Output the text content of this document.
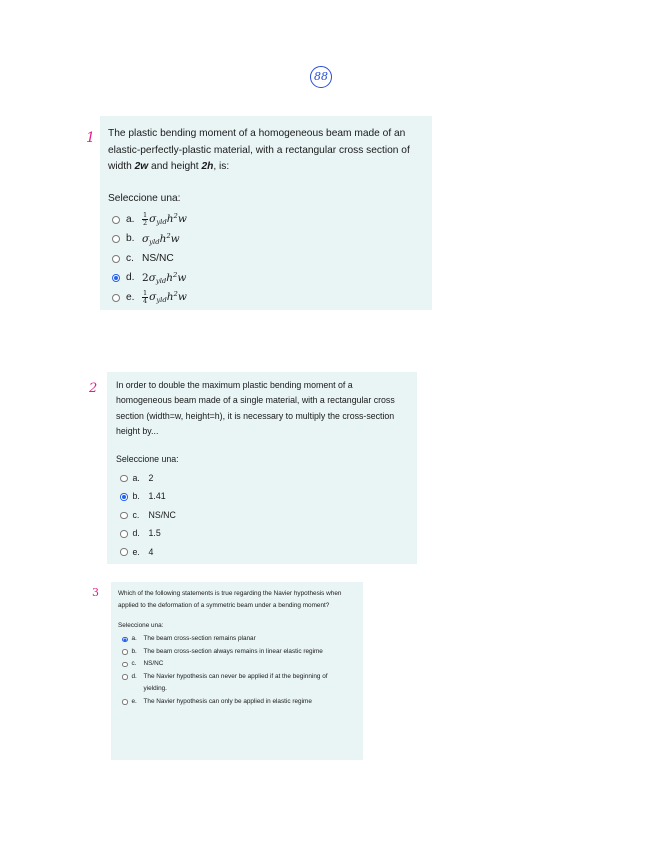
88
1 The plastic bending moment of a homogeneous beam made of an elastic-perfectly-plastic material, with a rectangular cross section of width 2w and height 2h, is:

Seleccione una:

a.	$\frac{1}{2} \sigma_{yld}h^2w$
b. $\sigma_{yld}h^2w$
c. NS/NC
d. $2\sigma_{yld}h^2w$
e.	$\frac{1}{4} \sigma_{yld}h^2w$
2 In order to double the maximum plastic bending moment of a homogeneous beam made of a single material, with a rectangular cross section (width=w, height=h), it is necessary to multiply the cross-section height by...

Seleccione una:

a. 2
b. 1.41
c.	NS/NC
d. 1.5
e. 4
3	Which of the following statements is true regarding the Navier hypothesis when applied to the deformation of a symmetric beam under a bending moment?

Seleccione una:

a.	The beam cross-section remains planar
b.	The beam cross-section always remains in linear elastic regime
c.	NS/NC
d.	The Navier hypothesis can never be applied if at the beginning of yielding.
e.	The Navier hypothesis can only be applied in elastic regime
